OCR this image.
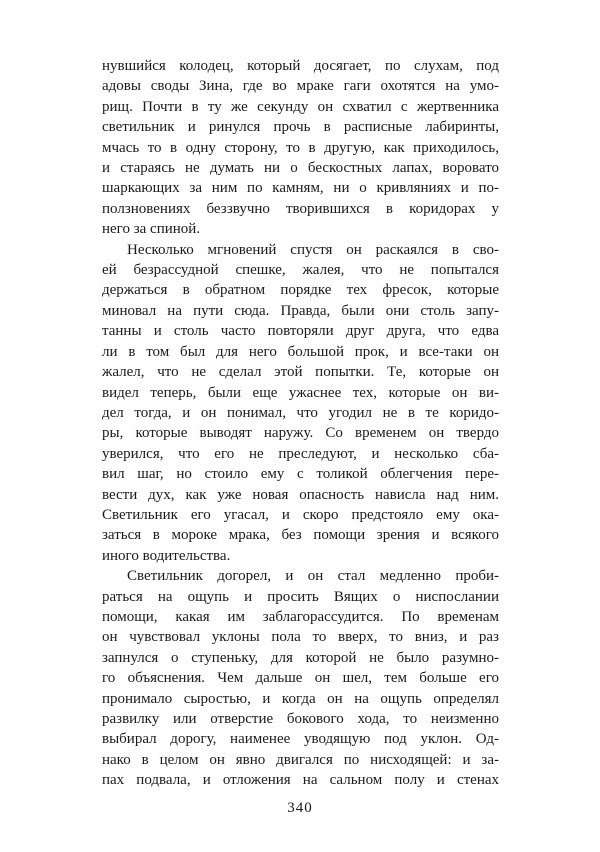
нувшийся колодец, который досягает, по слухам, под
адовы своды Зина, где во мраке гаги охотятся на умо-
рищ. Почти в ту же секунду он схватил с жертвенника
светильник и ринулся прочь в расписные лабиринты,
мчась то в одну сторону, то в другую, как приходилось,
и стараясь не думать ни о бескостных лапах, воровато
шаркающих за ним по камням, ни о кривляниях и по-
ползновениях беззвучно творившихся в коридорах у
него за спиной.
Несколько мгновений спустя он раскаялся в сво-
ей безрассудной спешке, жалея, что не попытался
держаться в обратном порядке тех фресок, которые
миновал на пути сюда. Правда, были они столь запу-
танны и столь часто повторяли друг друга, что едва
ли в том был для него большой прок, и все-таки он
жалел, что не сделал этой попытки. Те, которые он
видел теперь, были еще ужаснее тех, которые он ви-
дел тогда, и он понимал, что угодил не в те коридо-
ры, которые выводят наружу. Со временем он твердо
уверился, что его не преследуют, и несколько сба-
вил шаг, но стоило ему с толикой облегчения пере-
вести дух, как уже новая опасность нависла над ним.
Светильник его угасал, и скоро предстояло ему ока-
заться в мороке мрака, без помощи зрения и всякого
иного водительства.
Светильник догорел, и он стал медленно проби-
раться на ощупь и просить Вящих о ниспослании
помощи, какая им заблагорассудится. По временам
он чувствовал уклоны пола то вверх, то вниз, и раз
запнулся о ступеньку, для которой не было разумно-
го объяснения. Чем дальше он шел, тем больше его
пронимало сыростью, и когда он на ощупь определял
развилку или отверстие бокового хода, то неизменно
выбирал дорогу, наименее уводящую под уклон. Од-
нако в целом он явно двигался по нисходящей: и за-
пах подвала, и отложения на сальном полу и стенах
340
